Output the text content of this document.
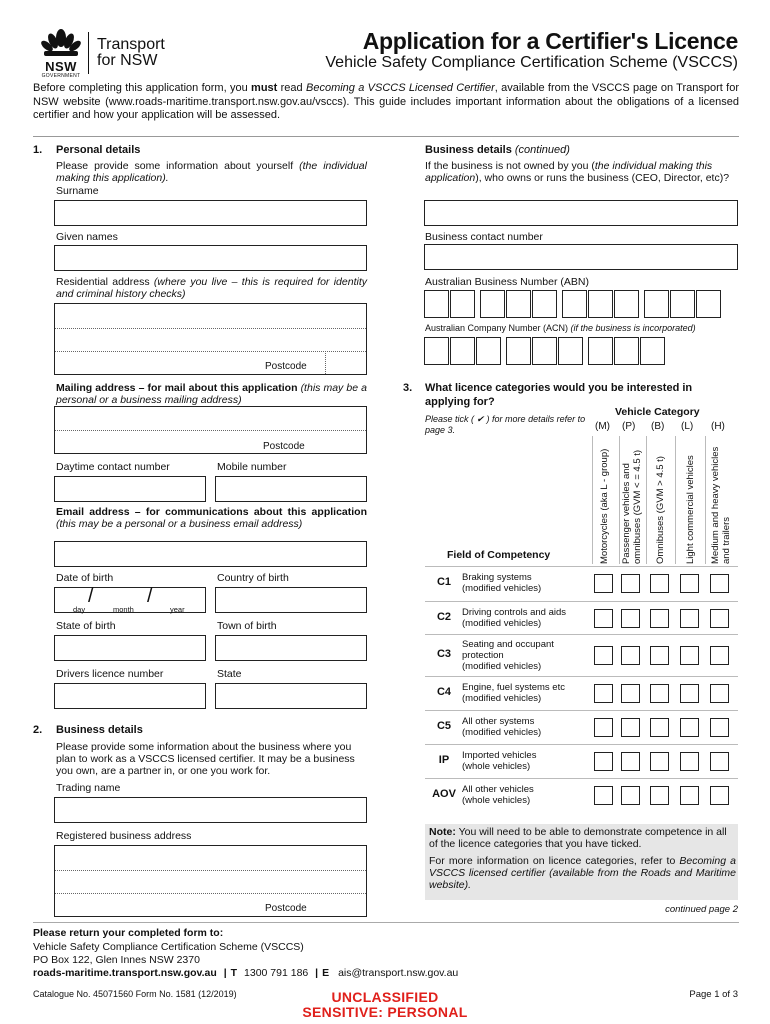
NSW
GOVERNMENT
Transport
for NSW
Application for a Certifier's Licence
Vehicle Safety Compliance Certification Scheme (VSCCS)
Before completing this application form, you must read Becoming a VSCCS Licensed Certifier, available from the VSCCS page on Transport for NSW website (www.roads-maritime.transport.nsw.gov.au/vsccs). This guide includes important information about the obligations of a licensed certifier and how your application will be assessed.
1. Personal details
Please provide some information about yourself (the individual making this application).
Surname
Given names
Residential address (where you live – this is required for identity and criminal history checks)
Postcode
Mailing address – for mail about this application (this may be a personal or a business mailing address)
Postcode
Daytime contact number	Mobile number
Email address – for communications about this application (this may be a personal or a business email address)
Date of birth
/	/
day	month	year
Country of birth
State of birth	Town of birth
Drivers licence number	State
2. Business details
Please provide some information about the business where you plan to work as a VSCCS licensed certifier. It may be a business you own, are a partner in, or one you work for.
Trading name
Registered business address
Postcode
Business details (continued)
If the business is not owned by you (the individual making this application), who owns or runs the business (CEO, Director, etc)?
Business contact number
Australian Business Number (ABN)
Australian Company Number (ACN) (if the business is incorporated)
3. What licence categories would you be interested in applying for?
Please tick ( ✔ ) for more details refer to page 3.
Vehicle Category
(M)
Motorcycles (aka L - group)
(P)
Passenger vehicles and omnibuses (GVM < = 4.5 t)
(B)
Omnibuses (GVM > 4.5 t)
(L)
Light commercial vehicles
(H)
Medium and heavy vehicles and trailers
Field of Competency
C1	Braking systems
(modified vehicles)
C2	Driving controls and aids
(modified vehicles)
C3
Seating and occupant
protection
(modified vehicles)
C4	Engine, fuel systems etc
(modified vehicles)
C5	All other systems
(modified vehicles)
IP	Imported vehicles
(whole vehicles)
AOV All other vehicles
(whole vehicles)
Note: You will need to be able to demonstrate competence in all of the licence categories that you have ticked.
For more information on licence categories, refer to Becoming a VSCCS licensed certifier (available from the Roads and Maritime website).
continued page 2
Please return your completed form to:
Vehicle Safety Compliance Certification Scheme (VSCCS)
PO Box 122, Glen Innes NSW 2370
roads-maritime.transport.nsw.gov.au | T 1300 791 186 | E ais@transport.nsw.gov.au
Catalogue No. 45071560 Form No. 1581 (12/2019)	UNCLASSIFIED
SENSITIVE: PERSONAL
Page 1 of 3
